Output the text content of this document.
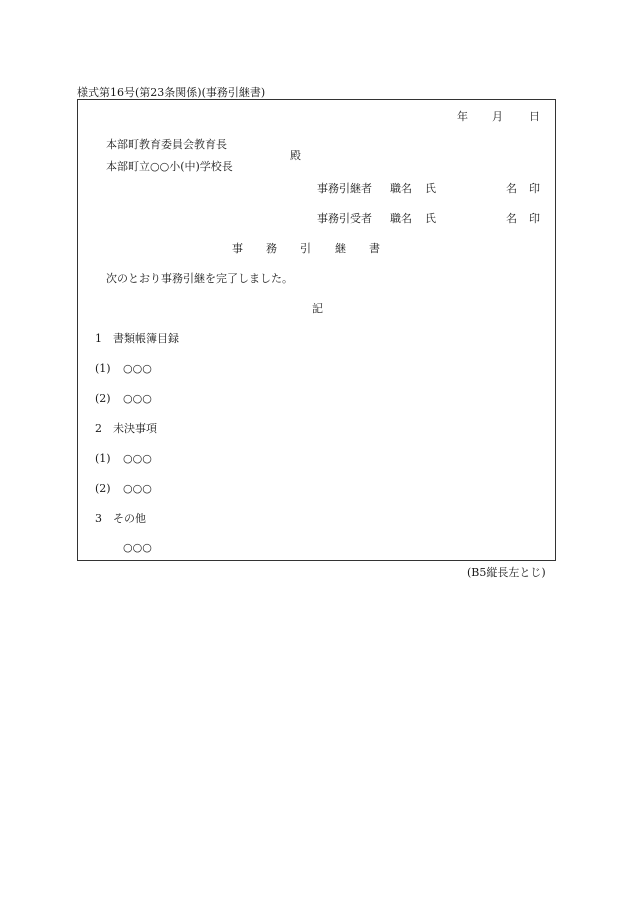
様式第16号(第23条関係)(事務引継書)
年 月 日
本部町教育委員会教育長
本部町立○○小(中)学校長
殿
事務引継者 職名 氏	名 印
事務引受者 職名 氏	名 印
事 務 引 継 書
次のとおり事務引継を完了しました。
記
1 書類帳簿目録
(1) ○○○
(2) ○○○
2 未決事項
(1) ○○○
(2) ○○○
3 その他
○○○
(B5縦長左とじ)
